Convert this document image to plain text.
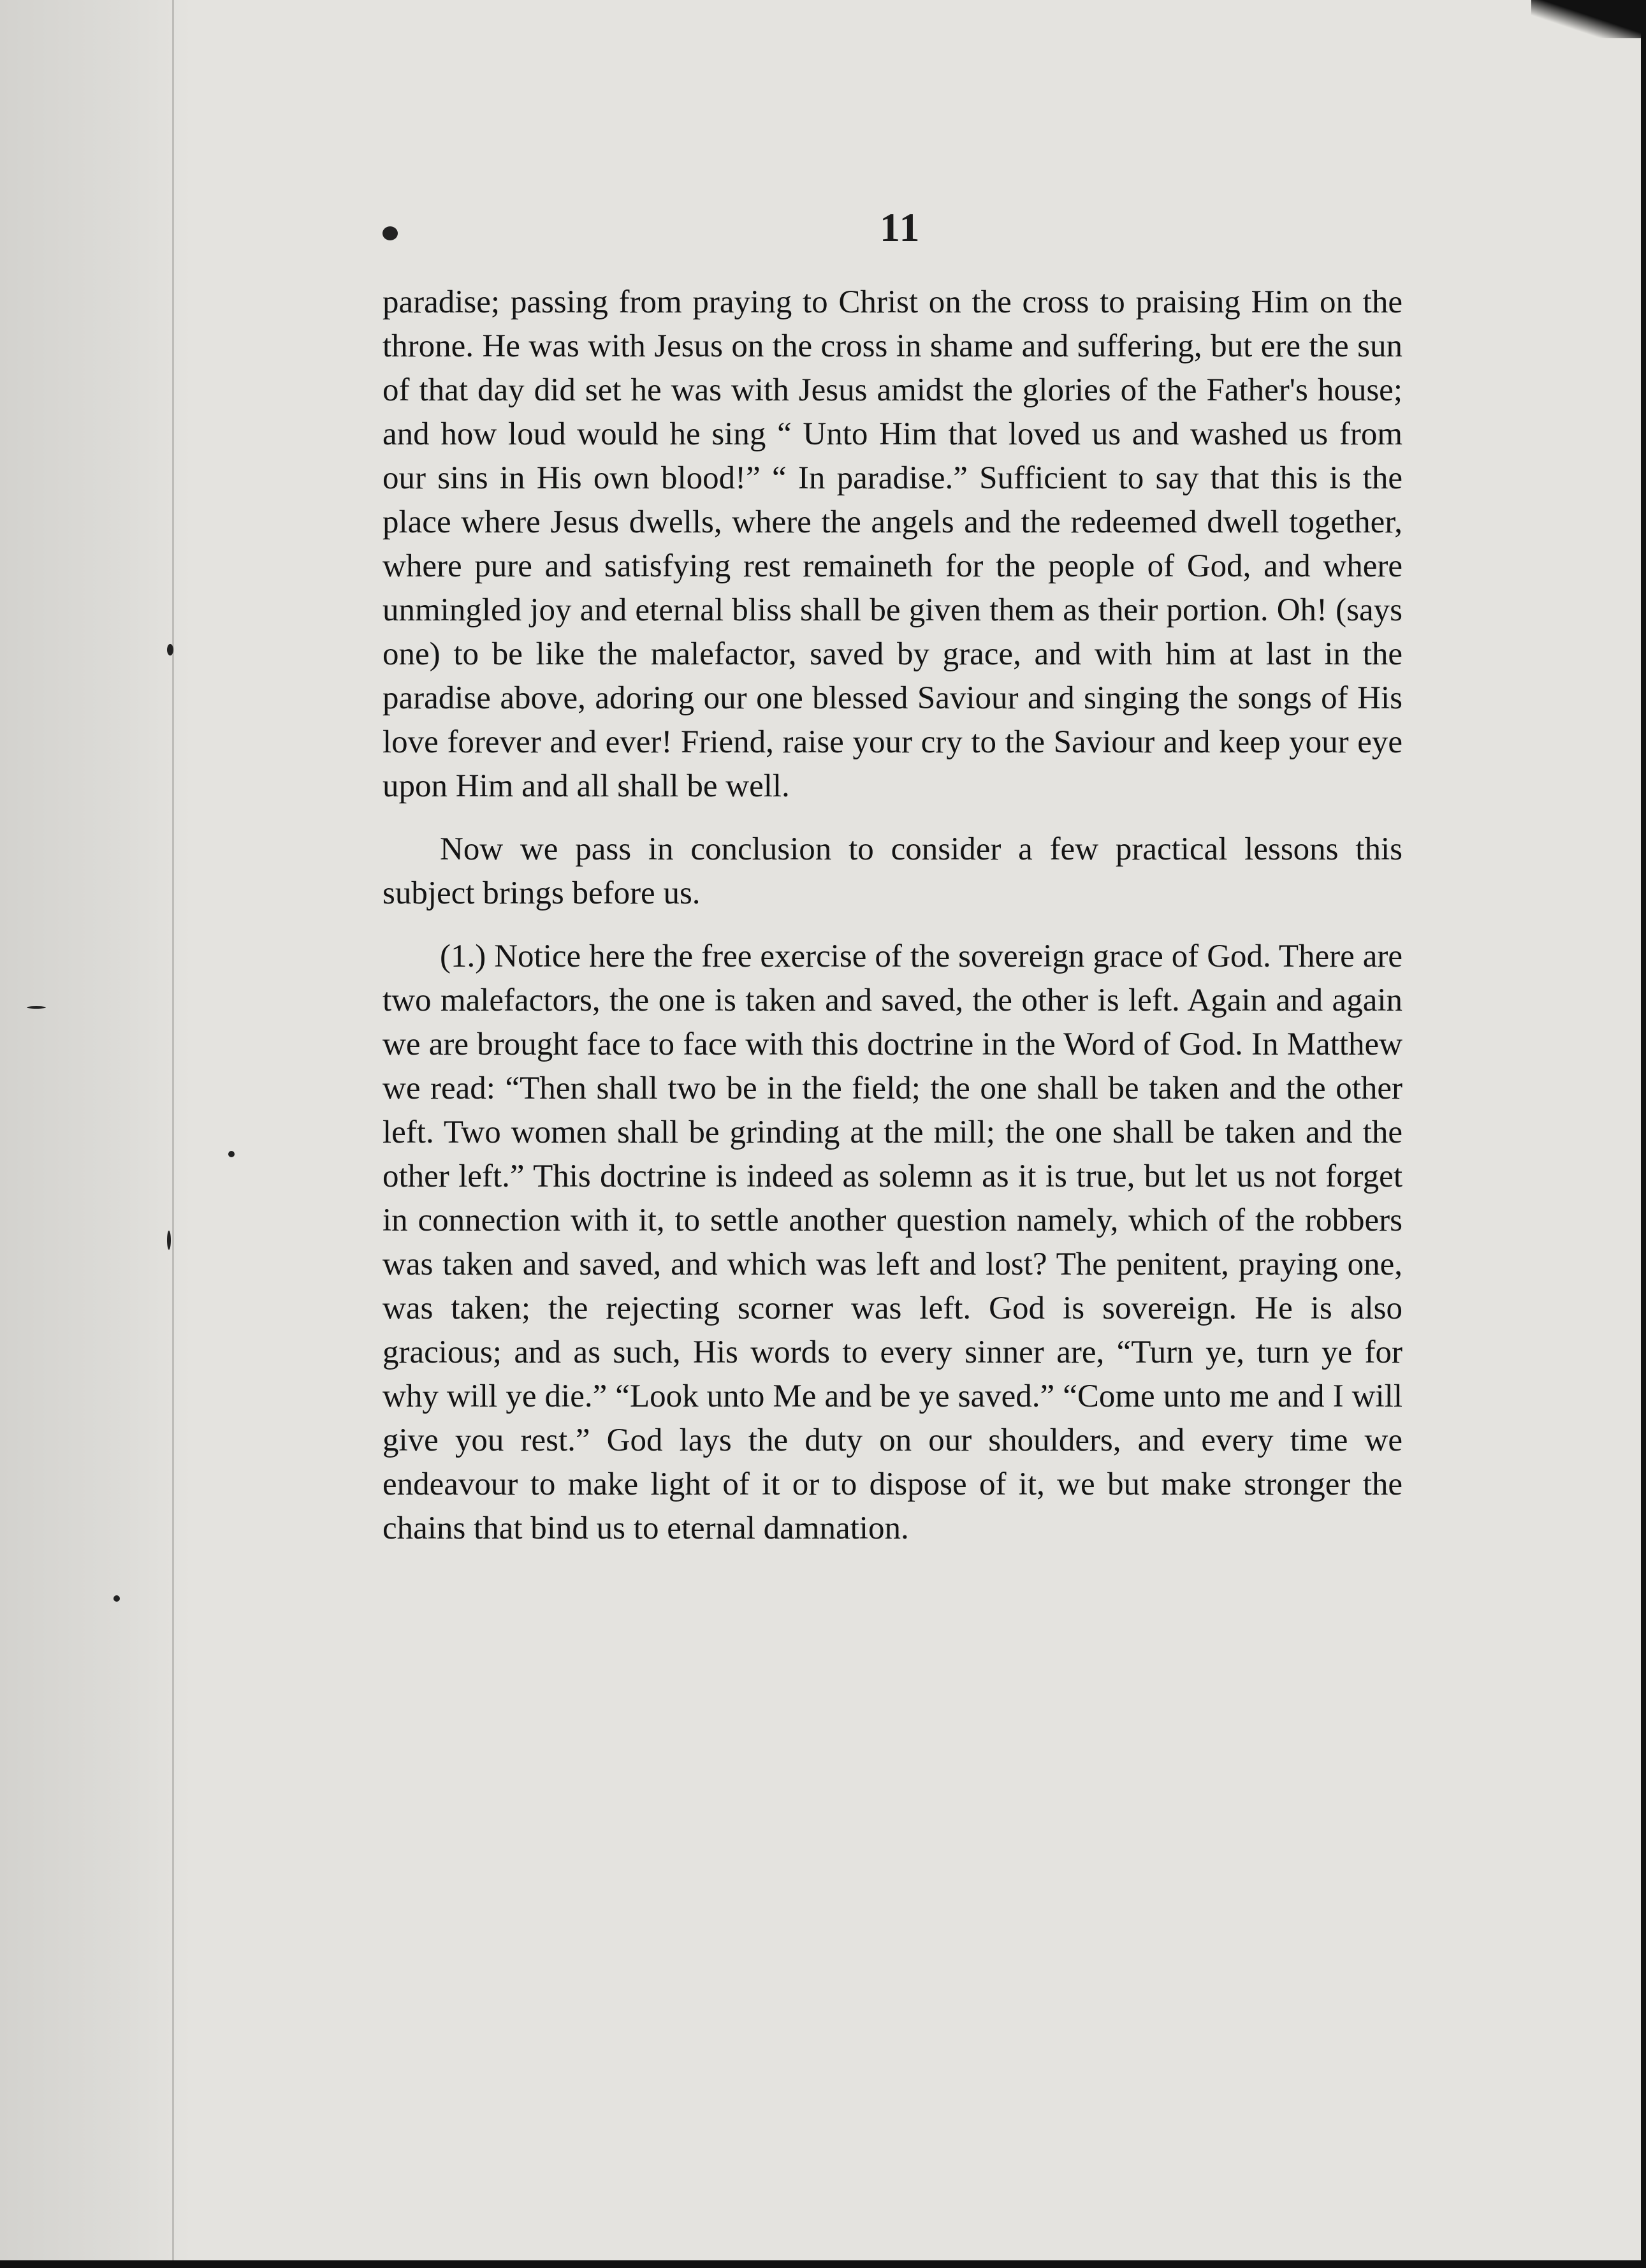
11

paradise; passing from praying to Christ on the cross to praising Him on the throne. He was with Jesus on the cross in shame and suffering, but ere the sun of that day did set he was with Jesus amidst the glories of the Father's house; and how loud would he sing “ Unto Him that loved us and washed us from our sins in His own blood!” “ In paradise.” Sufficient to say that this is the place where Jesus dwells, where the angels and the redeemed dwell together, where pure and satisfying rest remaineth for the people of God, and where unmingled joy and eternal bliss shall be given them as their portion. Oh! (says one) to be like the malefactor, saved by grace, and with him at last in the paradise above, adoring our one blessed Saviour and singing the songs of His love forever and ever! Friend, raise your cry to the Saviour and keep your eye upon Him and all shall be well.

Now we pass in conclusion to consider a few practical lessons this subject brings before us.

(1.) Notice here the free exercise of the sovereign grace of God. There are two malefactors, the one is taken and saved, the other is left. Again and again we are brought face to face with this doctrine in the Word of God. In Matthew we read: “Then shall two be in the field; the one shall be taken and the other left. Two women shall be grinding at the mill; the one shall be taken and the other left.” This doctrine is indeed as solemn as it is true, but let us not forget in connection with it, to settle another question namely, which of the robbers was taken and saved, and which was left and lost? The penitent, praying one, was taken; the rejecting scorner was left. God is sovereign. He is also gracious; and as such, His words to every sinner are, “Turn ye, turn ye for why will ye die.” “Look unto Me and be ye saved.” “Come unto me and I will give you rest.” God lays the duty on our shoulders, and every time we endeavour to make light of it or to dispose of it, we but make stronger the chains that bind us to eternal damnation.
